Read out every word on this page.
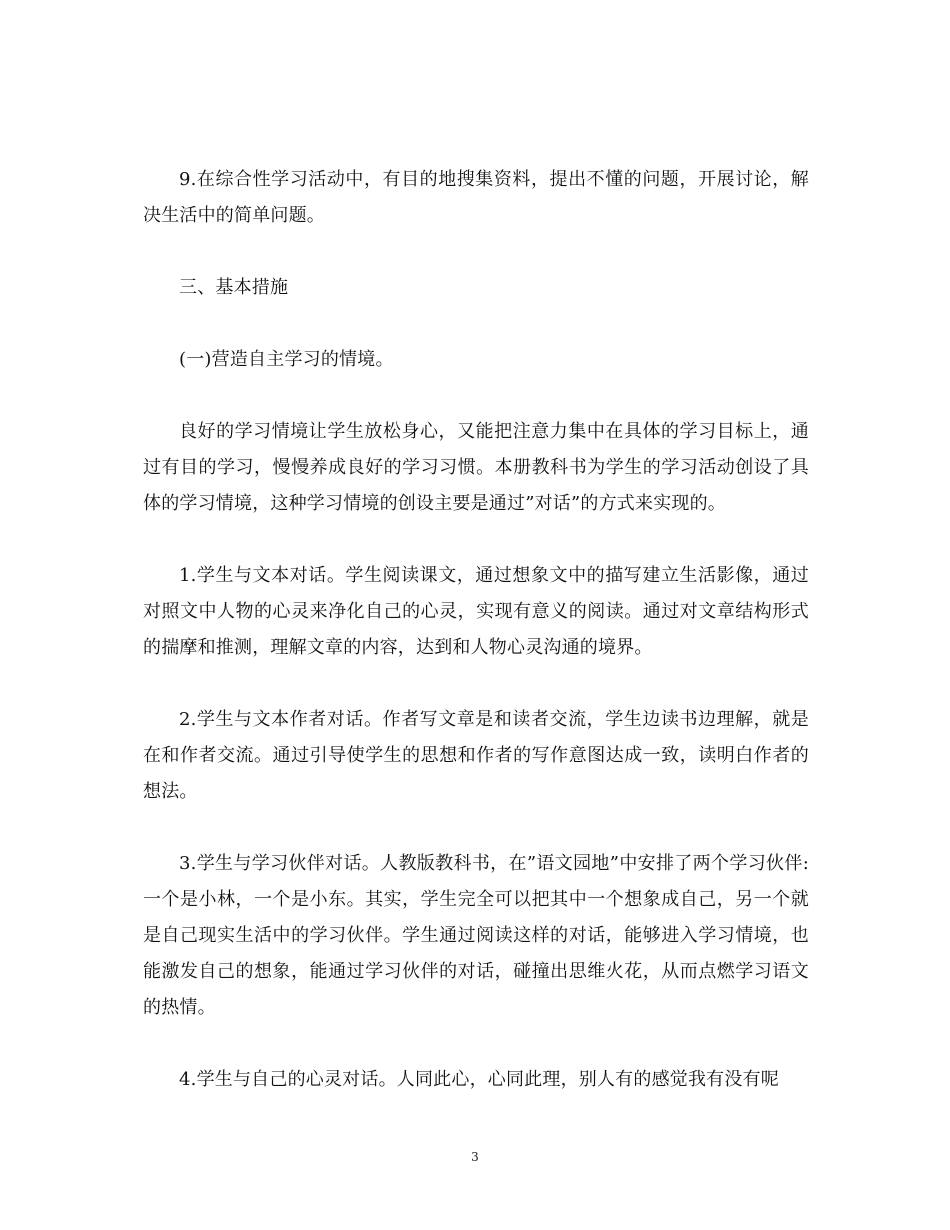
9.在综合性学习活动中，有目的地搜集资料，提出不懂的问题，开展讨论，解决生活中的简单问题。

三、基本措施

(一)营造自主学习的情境。

良好的学习情境让学生放松身心，又能把注意力集中在具体的学习目标上，通过有目的学习，慢慢养成良好的学习习惯。本册教科书为学生的学习活动创设了具体的学习情境，这种学习情境的创设主要是通过”对话”的方式来实现的。

1.学生与文本对话。学生阅读课文，通过想象文中的描写建立生活影像，通过对照文中人物的心灵来净化自己的心灵，实现有意义的阅读。通过对文章结构形式的揣摩和推测，理解文章的内容，达到和人物心灵沟通的境界。

2.学生与文本作者对话。作者写文章是和读者交流，学生边读书边理解，就是在和作者交流。通过引导使学生的思想和作者的写作意图达成一致，读明白作者的想法。

3.学生与学习伙伴对话。人教版教科书，在”语文园地”中安排了两个学习伙伴:一个是小林，一个是小东。其实，学生完全可以把其中一个想象成自己，另一个就是自己现实生活中的学习伙伴。学生通过阅读这样的对话，能够进入学习情境，也能激发自己的想象，能通过学习伙伴的对话，碰撞出思维火花，从而点燃学习语文的热情。

4.学生与自己的心灵对话。人同此心，心同此理，别人有的感觉我有没有呢

3
